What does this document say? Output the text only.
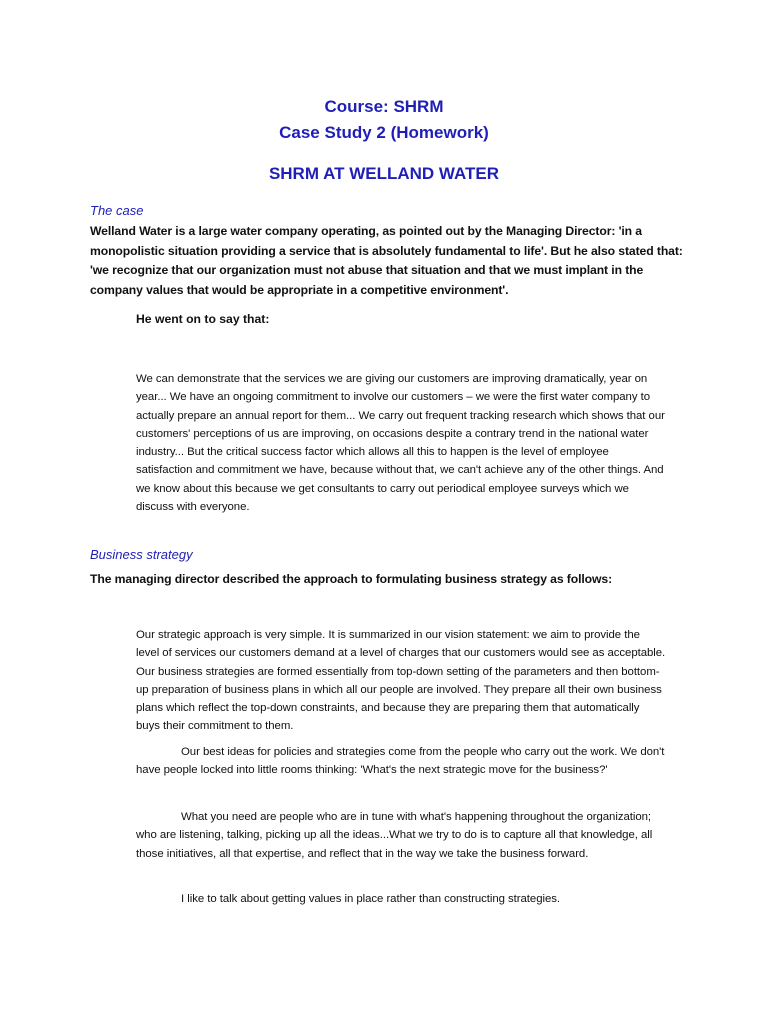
Course: SHRM
Case Study 2 (Homework)
SHRM AT WELLAND WATER
The case
Welland Water is a large water company operating, as pointed out by the Managing Director: 'in a monopolistic situation providing a service that is absolutely fundamental to life'. But he also stated that: 'we recognize that our organization must not abuse that situation and that we must implant in the company values that would be appropriate in a competitive environment'.
He went on to say that:
We can demonstrate that the services we are giving our customers are improving dramatically, year on year... We have an ongoing commitment to involve our customers – we were the first water company to actually prepare an annual report for them... We carry out frequent tracking research which shows that our customers' perceptions of us are improving, on occasions despite a contrary trend in the national water industry... But the critical success factor which allows all this to happen is the level of employee satisfaction and commitment we have, because without that, we can't achieve any of the other things. And we know about this because we get consultants to carry out periodical employee surveys which we discuss with everyone.
Business strategy
The managing director described the approach to formulating business strategy as follows:
Our strategic approach is very simple. It is summarized in our vision statement: we aim to provide the level of services our customers demand at a level of charges that our customers would see as acceptable. Our business strategies are formed essentially from top-down setting of the parameters and then bottom-up preparation of business plans in which all our people are involved. They prepare all their own business plans which reflect the top-down constraints, and because they are preparing them that automatically buys their commitment to them.
Our best ideas for policies and strategies come from the people who carry out the work. We don't have people locked into little rooms thinking: 'What's the next strategic move for the business?'
What you need are people who are in tune with what's happening throughout the organization; who are listening, talking, picking up all the ideas...What we try to do is to capture all that knowledge, all those initiatives, all that expertise, and reflect that in the way we take the business forward.
I like to talk about getting values in place rather than constructing strategies.
